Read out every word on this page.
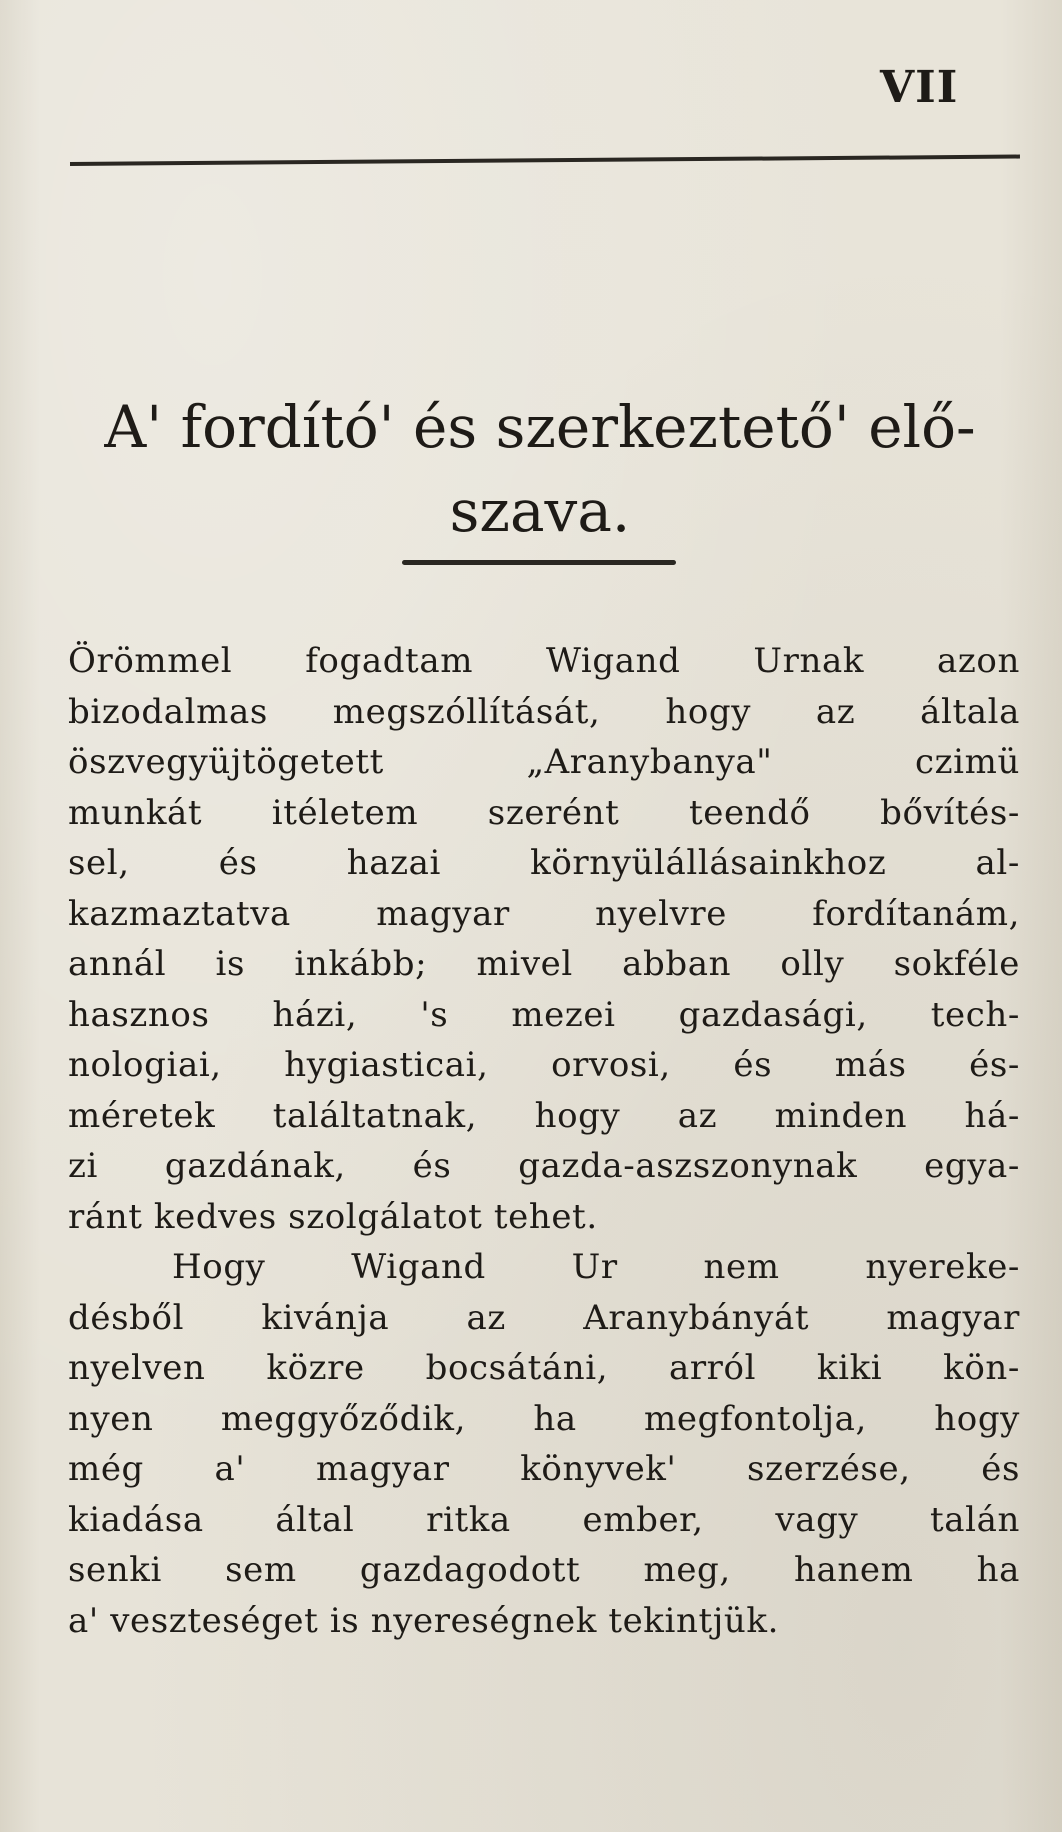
VII
A' fordító' és szerkeztető' elő-
szava.
Örömmel fogadtam Wigand Urnak azon
bizodalmas megszóllítását, hogy az általa
öszvegyüjtögetett „Aranybanya" czimü
munkát itéletem szerént teendő bővítés-
sel, és hazai környülállásainkhoz al-
kazmaztatva magyar nyelvre fordítanám,
annál is inkább; mivel abban olly sokféle
hasznos házi, 's mezei gazdasági, tech-
nologiai, hygiasticai, orvosi, és más és-
méretek találtatnak, hogy az minden há-
zi gazdának, és gazda-aszszonynak egya-
ránt kedves szolgálatot tehet.
Hogy Wigand Ur nem nyereke-
désből kivánja az Aranybányát magyar
nyelven közre bocsátáni, arról kiki kön-
nyen meggyőződik, ha megfontolja, hogy
még a' magyar könyvek' szerzése, és
kiadása által ritka ember, vagy talán
senki sem gazdagodott meg, hanem ha
a' veszteséget is nyereségnek tekintjük.
